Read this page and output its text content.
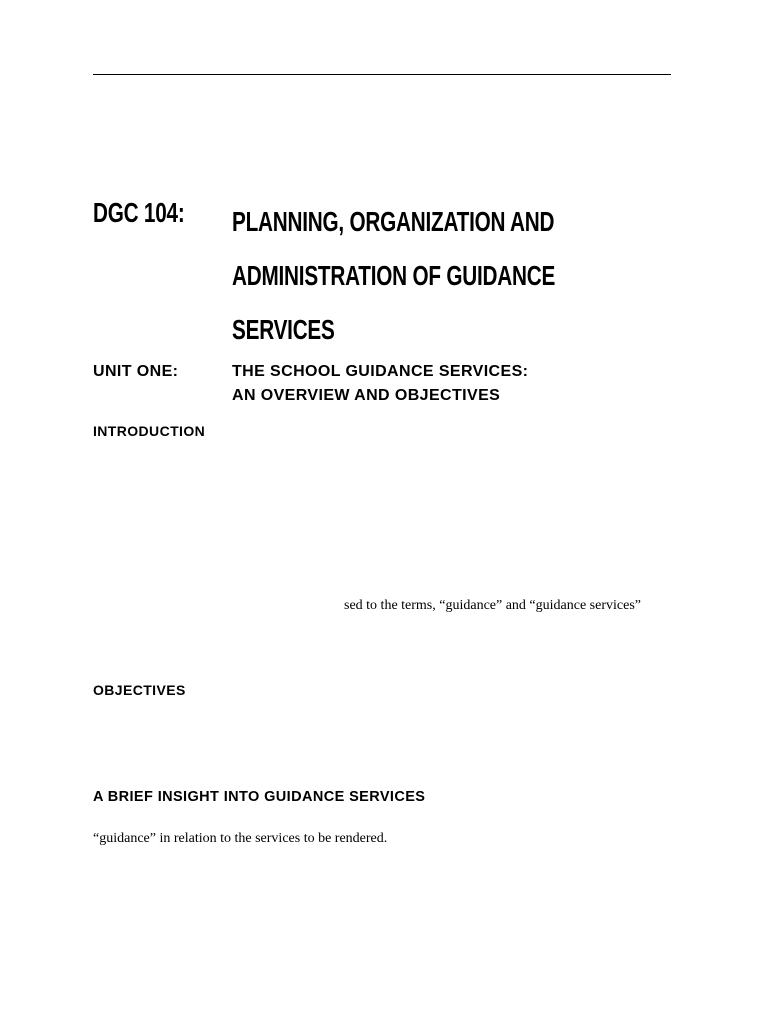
DGC 104: PLANNING, ORGANIZATION AND
ADMINISTRATION OF GUIDANCE
SERVICES
UNIT ONE:	THE SCHOOL GUIDANCE SERVICES:
AN OVERVIEW AND OBJECTIVES
INTRODUCTION
sed to the terms, “guidance” and “guidance services”
OBJECTIVES
A BRIEF INSIGHT INTO GUIDANCE SERVICES
“guidance” in relation to the services to be rendered.
